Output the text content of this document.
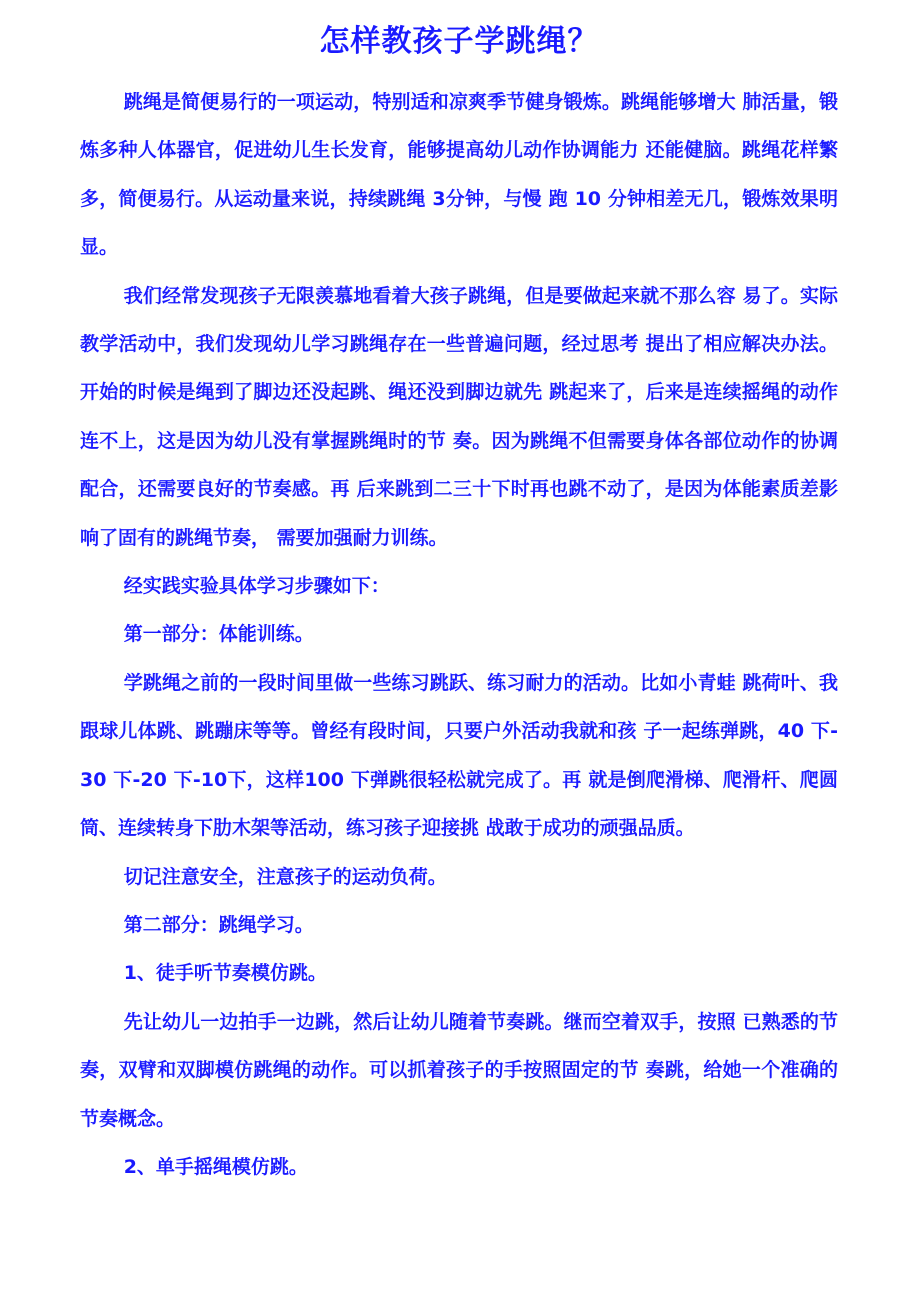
怎样教孩子学跳绳？

跳绳是简便易行的一项运动，特别适和凉爽季节健身锻炼。跳绳能够增大 肺活量，锻炼多种人体器官，促进幼儿生长发育，能够提高幼儿动作协调能力 还能健脑。跳绳花样繁多，简便易行。从运动量来说，持续跳绳 3分钟，与慢 跑 10 分钟相差无几，锻炼效果明显。

我们经常发现孩子无限羡慕地看着大孩子跳绳，但是要做起来就不那么容 易了。实际教学活动中，我们发现幼儿学习跳绳存在一些普遍问题，经过思考 提出了相应解决办法。开始的时候是绳到了脚边还没起跳、绳还没到脚边就先 跳起来了，后来是连续摇绳的动作连不上，这是因为幼儿没有掌握跳绳时的节 奏。因为跳绳不但需要身体各部位动作的协调配合，还需要良好的节奏感。再 后来跳到二三十下时再也跳不动了，是因为体能素质差影响了固有的跳绳节奏， 需要加强耐力训练。

经实践实验具体学习步骤如下：

第一部分：体能训练。

学跳绳之前的一段时间里做一些练习跳跃、练习耐力的活动。比如小青蛙 跳荷叶、我跟球儿体跳、跳蹦床等等。曾经有段时间，只要户外活动我就和孩 子一起练弹跳，40 下-30 下-20 下-10下，这样100 下弹跳很轻松就完成了。再 就是倒爬滑梯、爬滑杆、爬圆筒、连续转身下肋木架等活动，练习孩子迎接挑 战敢于成功的顽强品质。

切记注意安全，注意孩子的运动负荷。

第二部分：跳绳学习。

1、徒手听节奏模仿跳。

先让幼儿一边拍手一边跳，然后让幼儿随着节奏跳。继而空着双手，按照 已熟悉的节奏，双臂和双脚模仿跳绳的动作。可以抓着孩子的手按照固定的节 奏跳，给她一个准确的节奏概念。

2、单手摇绳模仿跳。
